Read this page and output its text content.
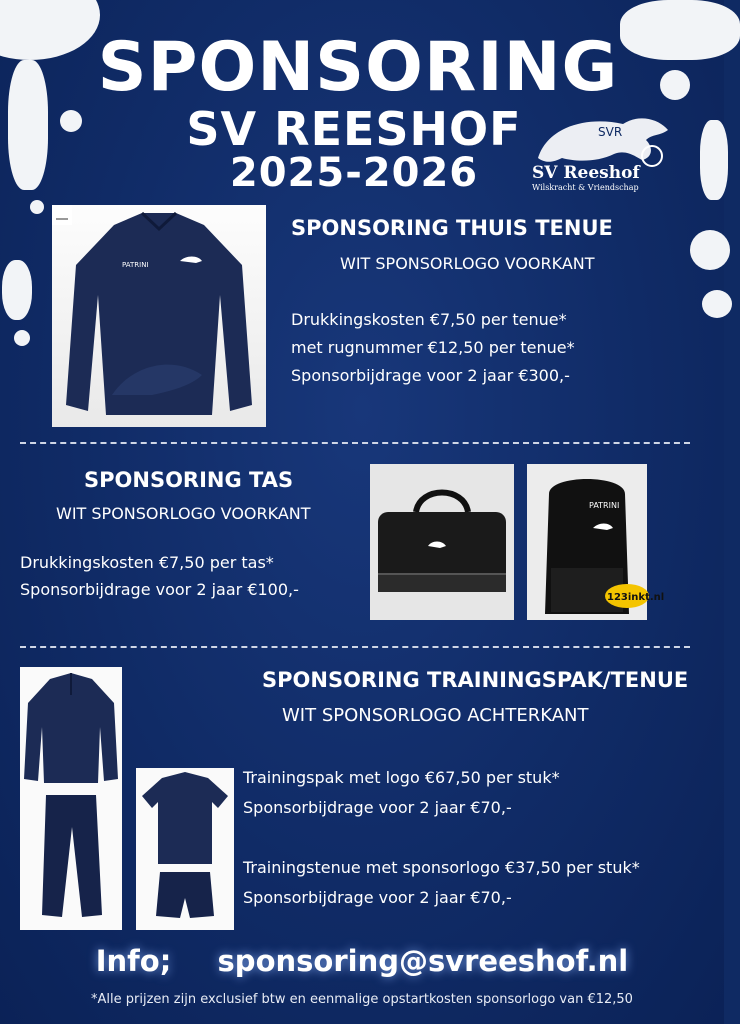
SPONSORING
SV REESHOF
2025-2026
SVR
SV Reeshof
Wilskracht & Vriendschap
PATRINI
SPONSORING THUIS TENUE
WIT SPONSORLOGO VOORKANT
Drukkingskosten €7,50 per tenue*
met rugnummer €12,50 per tenue*
Sponsorbijdrage voor 2 jaar €300,-
SPONSORING TAS
WIT SPONSORLOGO VOORKANT
Drukkingskosten €7,50 per tas*
Sponsorbijdrage voor 2 jaar €100,-
PATRINI
123inkt.nl
SPONSORING TRAININGSPAK/TENUE
WIT SPONSORLOGO ACHTERKANT
Trainingspak met logo €67,50 per stuk*
Sponsorbijdrage voor 2 jaar €70,-
Trainingstenue met sponsorlogo €37,50 per stuk*
Sponsorbijdrage voor 2 jaar €70,-
Info; sponsoring@svreeshof.nl
*Alle prijzen zijn exclusief btw en eenmalige opstartkosten sponsorlogo van €12,50
